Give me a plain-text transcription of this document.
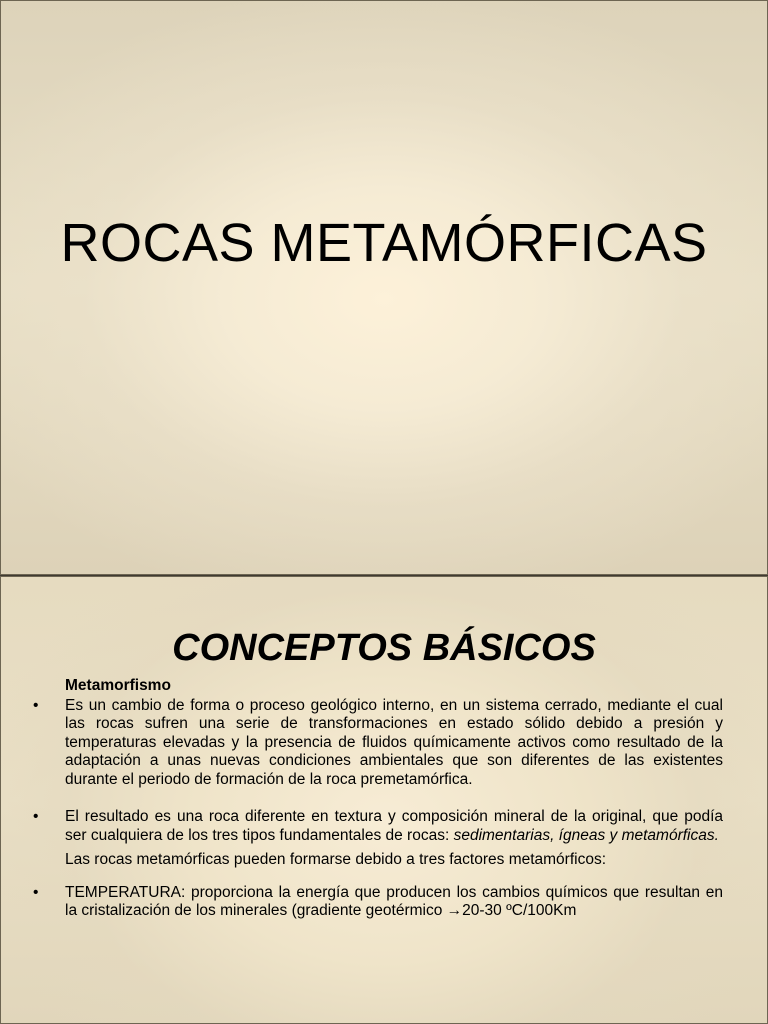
ROCAS METAMÓRFICAS
CONCEPTOS BÁSICOS

Metamorfismo

• Es un cambio de forma o proceso geológico interno, en un sistema cerrado, mediante el cual las rocas sufren una serie de transformaciones en estado sólido debido a presión y temperaturas elevadas y la presencia de fluidos químicamente activos como resultado de la adaptación a unas nuevas condiciones ambientales que son diferentes de las existentes durante el periodo de formación de la roca premetamórfica.

• El resultado es una roca diferente en textura y composición mineral de la original, que podía ser cualquiera de los tres tipos fundamentales de rocas: sedimentarias, ígneas y metamórficas.

Las rocas metamórficas pueden formarse debido a tres factores metamórficos:

• TEMPERATURA: proporciona la energía que producen los cambios químicos que resultan en la cristalización de los minerales (gradiente geotérmico →20-30 ºC/100Km
